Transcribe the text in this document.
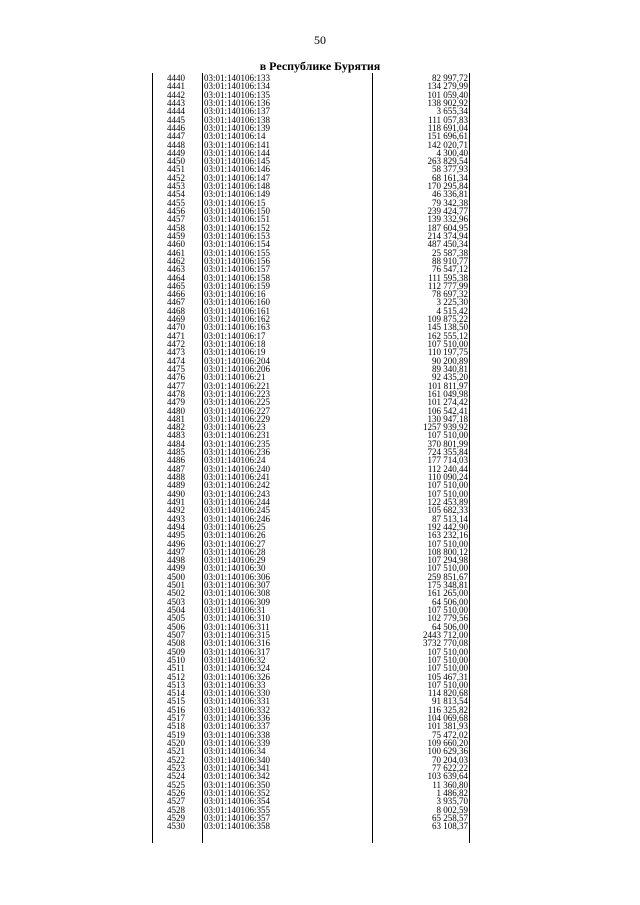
50
в Республике Бурятия
4440	03:01:140106:133	82 997,72
4441	03:01:140106:134	134 279,99
4442	03:01:140106:135	101 059,40
4443	03:01:140106:136	138 902,92
4444	03:01:140106:137	3 655,34
4445	03:01:140106:138	111 057,83
4446	03:01:140106:139	118 691,04
4447	03:01:140106:14	151 696,61
4448	03:01:140106:141	142 020,71
4449	03:01:140106:144	4 300,40
4450	03:01:140106:145	263 829,54
4451	03:01:140106:146	58 377,93
4452	03:01:140106:147	68 161,34
4453	03:01:140106:148	170 295,84
4454	03:01:140106:149	46 336,81
4455	03:01:140106:15	79 342,38
4456	03:01:140106:150	239 424,77
4457	03:01:140106:151	139 332,96
4458	03:01:140106:152	187 604,95
4459	03:01:140106:153	214 374,94
4460	03:01:140106:154	487 450,34
4461	03:01:140106:155	25 587,38
4462	03:01:140106:156	88 910,77
4463	03:01:140106:157	76 547,12
4464	03:01:140106:158	111 595,38
4465	03:01:140106:159	112 777,99
4466	03:01:140106:16	78 697,32
4467	03:01:140106:160	3 225,30
4468	03:01:140106:161	4 515,42
4469	03:01:140106:162	109 875,22
4470	03:01:140106:163	145 138,50
4471	03:01:140106:17	162 555,12
4472	03:01:140106:18	107 510,00
4473	03:01:140106:19	110 197,75
4474	03:01:140106:204	90 200,89
4475	03:01:140106:206	89 340,81
4476	03:01:140106:21	92 435,20
4477	03:01:140106:221	101 811,97
4478	03:01:140106:223	161 049,98
4479	03:01:140106:225	101 274,42
4480	03:01:140106:227	106 542,41
4481	03:01:140106:229	130 947,18
4482	03:01:140106:23	1257 939,92
4483	03:01:140106:231	107 510,00
4484	03:01:140106:235	370 801,99
4485	03:01:140106:236	724 355,84
4486	03:01:140106:24	177 714,03
4487	03:01:140106:240	112 240,44
4488	03:01:140106:241	110 090,24
4489	03:01:140106:242	107 510,00
4490	03:01:140106:243	107 510,00
4491	03:01:140106:244	122 453,89
4492	03:01:140106:245	105 682,33
4493	03:01:140106:246	87 513,14
4494	03:01:140106:25	192 442,90
4495	03:01:140106:26	163 232,16
4496	03:01:140106:27	107 510,00
4497	03:01:140106:28	108 800,12
4498	03:01:140106:29	107 294,98
4499	03:01:140106:30	107 510,00
4500	03:01:140106:306	259 851,67
4501	03:01:140106:307	175 348,81
4502	03:01:140106:308	161 265,00
4503	03:01:140106:309	64 506,00
4504	03:01:140106:31	107 510,00
4505	03:01:140106:310	102 779,56
4506	03:01:140106:311	64 506,00
4507	03:01:140106:315	2443 712,00
4508	03:01:140106:316	3732 770,08
4509	03:01:140106:317	107 510,00
4510	03:01:140106:32	107 510,00
4511	03:01:140106:324	107 510,00
4512	03:01:140106:326	105 467,31
4513	03:01:140106:33	107 510,00
4514	03:01:140106:330	114 820,68
4515	03:01:140106:331	91 813,54
4516	03:01:140106:332	116 325,82
4517	03:01:140106:336	104 069,68
4518	03:01:140106:337	101 381,93
4519	03:01:140106:338	75 472,02
4520	03:01:140106:339	109 660,20
4521	03:01:140106:34	100 629,36
4522	03:01:140106:340	70 204,03
4523	03:01:140106:341	77 622,22
4524	03:01:140106:342	103 639,64
4525	03:01:140106:350	11 360,80
4526	03:01:140106:352	1 486,82
4527	03:01:140106:354	3 935,70
4528	03:01:140106:355	8 002,59
4529	03:01:140106:357	65 258,57
4530	03:01:140106:358	63 108,37
